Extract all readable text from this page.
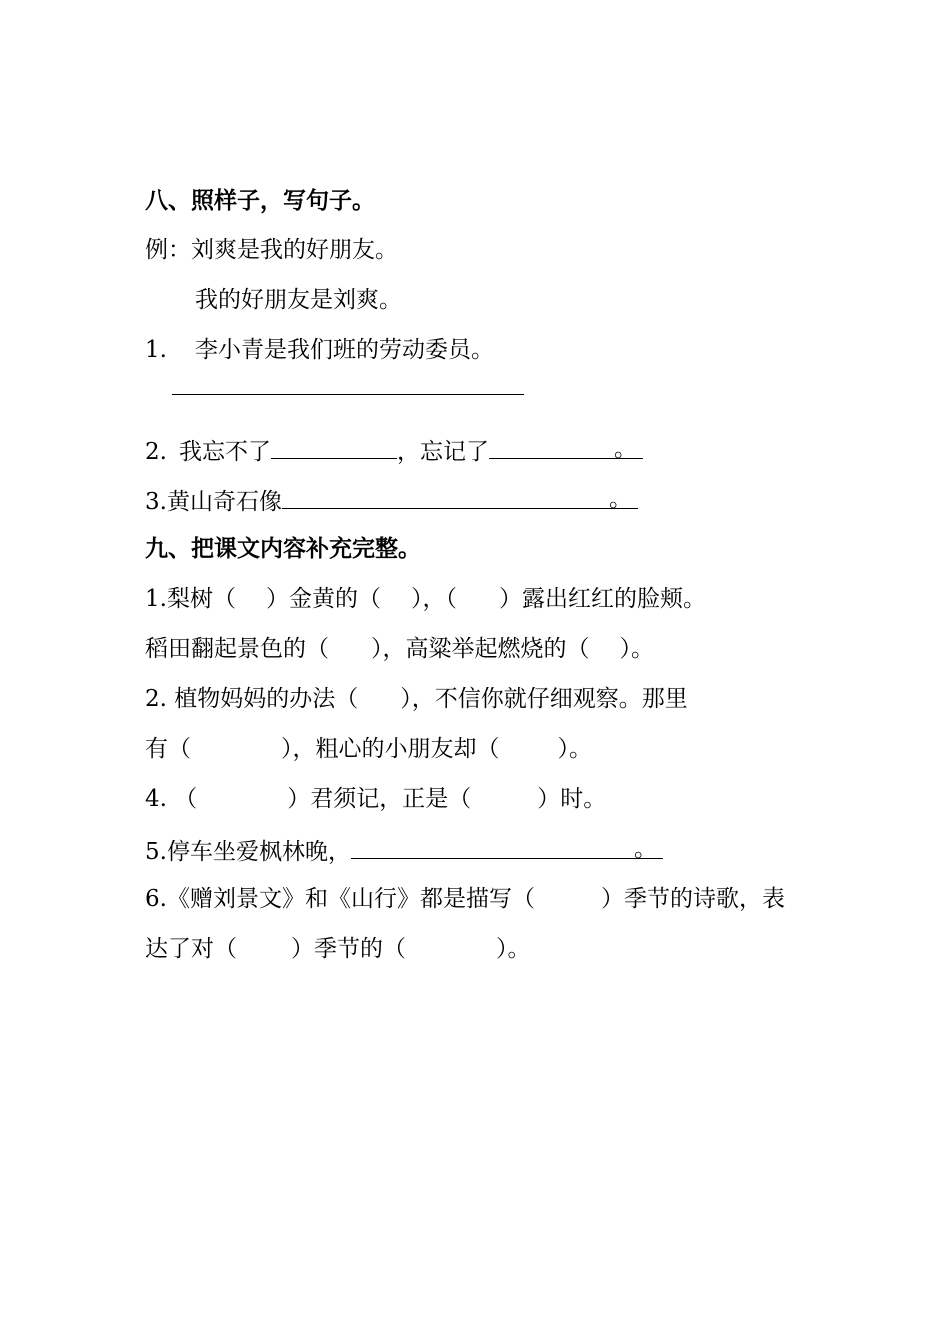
八、照样子，写句子。
例：刘爽是我的好朋友。
我的好朋友是刘爽。
1. 李小青是我们班的劳动委员。
2. 我忘不了	，忘记了	。
3.黄山奇石像	。
九、把课文内容补充完整。
1.梨树（ ）金黄的（ ），（ ）露出红红的脸颊。
稻田翻起景色的（ ），高粱举起燃烧的（ ）。
2. 植物妈妈的办法（ ），不信你就仔细观察。那里
有（	），粗心的小朋友却（	）。
4. （	）君须记，正是（	）时。
5.停车坐爱枫林晚，	。
6.《赠刘景文》和《山行》都是描写（	）季节的诗歌，表
达了对（ ）季节的（	）。
